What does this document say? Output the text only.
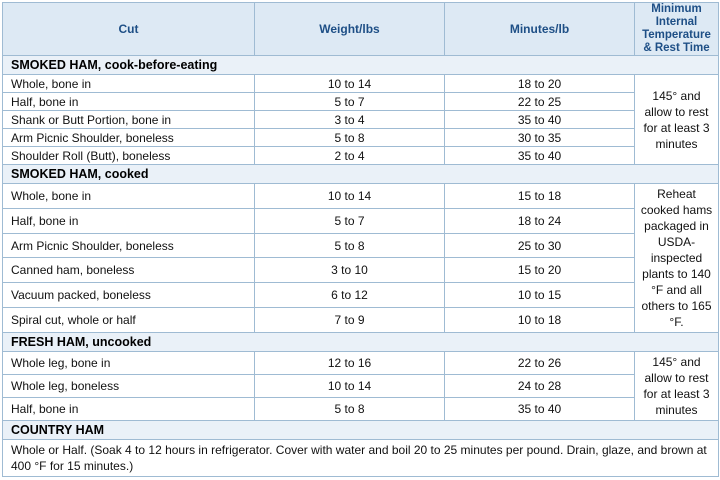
Cut	Weight/lbs	Minutes/lb	Minimum Internal Temperature & Rest Time
SMOKED HAM, cook-before-eating			
Whole, bone in	10 to 14	18 to 20	145° and allow to rest for at least 3 minutes
Half, bone in	5 to 7	22 to 25	
Shank or Butt Portion, bone in	3 to 4	35 to 40	
Arm Picnic Shoulder, boneless	5 to 8	30 to 35	
Shoulder Roll (Butt), boneless	2 to 4	35 to 40	
SMOKED HAM, cooked			
Whole, bone in	10 to 14	15 to 18	Reheat cooked hams packaged in USDA-inspected plants to 140 °F and all others to 165 °F.
Half, bone in	5 to 7	18 to 24	
Arm Picnic Shoulder, boneless	5 to 8	25 to 30	
Canned ham, boneless	3 to 10	15 to 20	
Vacuum packed, boneless	6 to 12	10 to 15	
Spiral cut, whole or half	7 to 9	10 to 18	
FRESH HAM, uncooked			
Whole leg, bone in	12 to 16	22 to 26	145° and allow to rest for at least 3 minutes
Whole leg, boneless	10 to 14	24 to 28	
Half, bone in	5 to 8	35 to 40	
COUNTRY HAM			
Whole or Half. (Soak 4 to 12 hours in refrigerator. Cover with water and boil 20 to 25 minutes per pound. Drain, glaze, and brown at 400 °F for 15 minutes.)			
